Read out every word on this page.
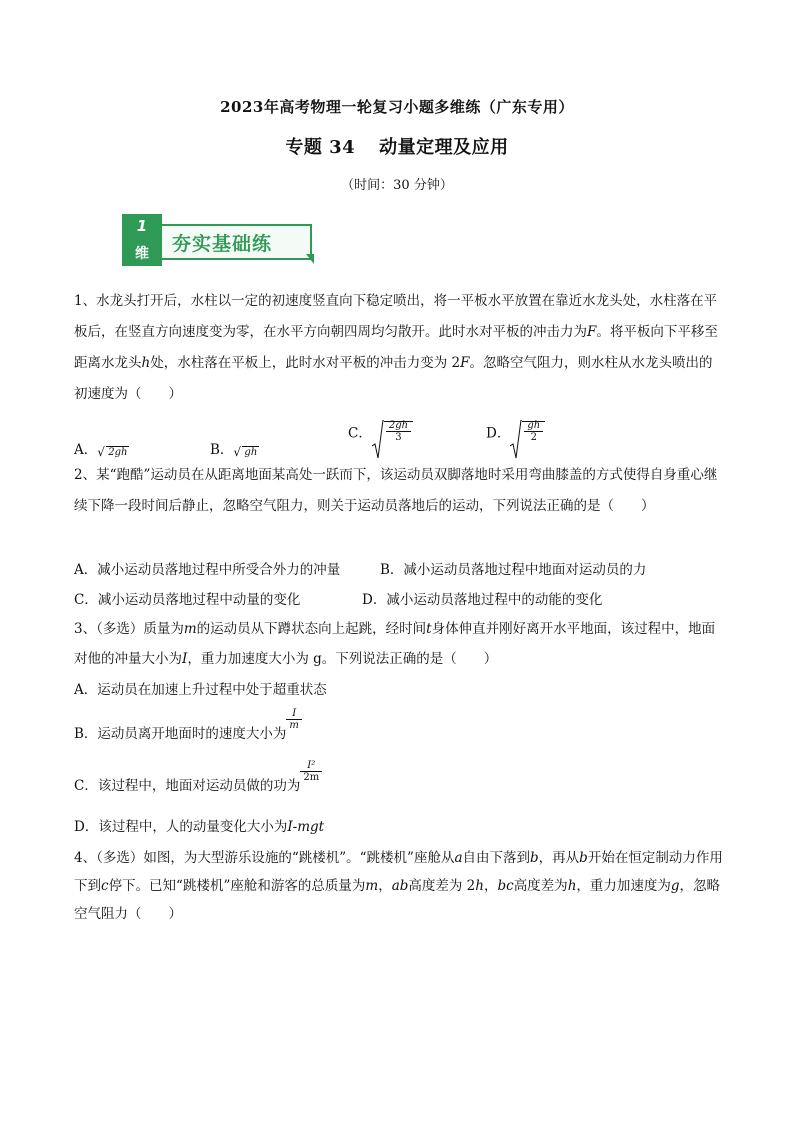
2023年高考物理一轮复习小题多维练（广东专用）
专题 34 动量定理及应用
（时间：30 分钟）
1
维	夯实基础练
1、水龙头打开后，水柱以一定的初速度竖直向下稳定喷出，将一平板水平放置在靠近水龙头处，水柱落在平板后，在竖直方向速度变为零，在水平方向朝四周均匀散开。此时水对平板的冲击力为F。将平板向下平移至距离水龙头h处，水柱落在平板上，此时水对平板的冲击力变为 2F。忽略空气阻力，则水柱从水龙头喷出的初速度为（　　）
A． √ 2gh	B． √ gh
C． $\frac{2gh}{3}$	D． $\frac{gh}{2}$
2、某“跑酷”运动员在从距离地面某高处一跃而下，该运动员双脚落地时采用弯曲膝盖的方式使得自身重心继续下降一段时间后静止，忽略空气阻力，则关于运动员落地后的运动，下列说法正确的是（　　）
A．减小运动员落地过程中所受合外力的冲量	B．减小运动员落地过程中地面对运动员的力
C．减小运动员落地过程中动量的变化	D．减小运动员落地过程中的动能的变化
3、（多选）质量为m的运动员从下蹲状态向上起跳，经时间t身体伸直并刚好离开水平地面，该过程中，地面对他的冲量大小为I，重力加速度大小为 g。下列说法正确的是（　　）
A．运动员在加速上升过程中处于超重状态
B．运动员离开地面时的速度大小为
$\frac{I}{m}$
C．该过程中，地面对运动员做的功为
$\frac{\text{I²}}{2m}$
D．该过程中，人的动量变化大小为I-mgt
4、（多选）如图，为大型游乐设施的“跳楼机”。“跳楼机”座舱从a自由下落到b，再从b开始在恒定制动力作用下到c停下。已知“跳楼机”座舱和游客的总质量为m，ab高度差为 2h，bc高度差为h，重力加速度为g，忽略空气阻力（　　）
